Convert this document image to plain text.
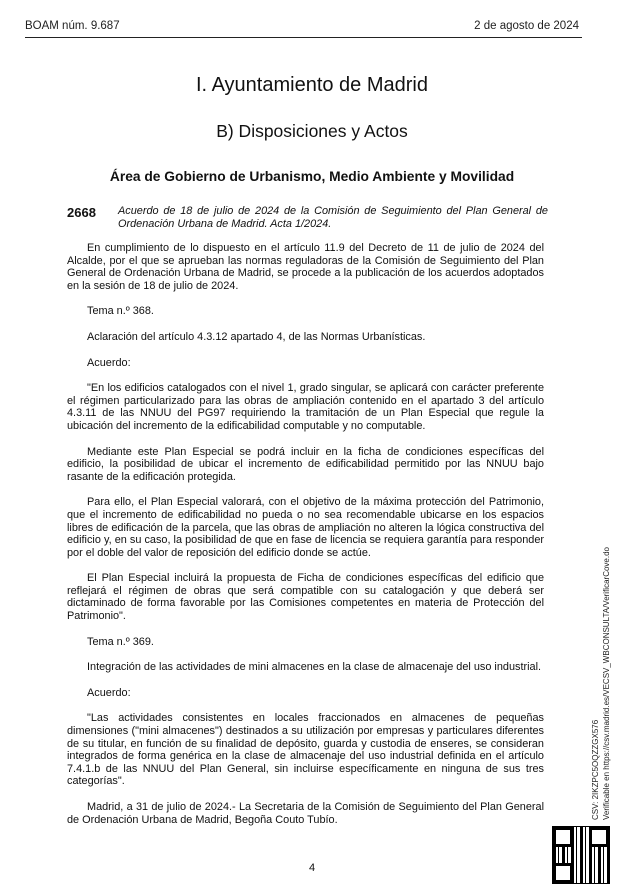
BOAM núm. 9.687	2 de agosto de 2024
I. Ayuntamiento de Madrid
B) Disposiciones y Actos
Área de Gobierno de Urbanismo, Medio Ambiente y Movilidad
2668 Acuerdo de 18 de julio de 2024 de la Comisión de Seguimiento del Plan General de Ordenación Urbana de Madrid. Acta 1/2024.

En cumplimiento de lo dispuesto en el artículo 11.9 del Decreto de 11 de julio de 2024 del Alcalde, por el que se aprueban las normas reguladoras de la Comisión de Seguimiento del Plan General de Ordenación Urbana de Madrid, se procede a la publicación de los acuerdos adoptados en la sesión de 18 de julio de 2024.

Tema n.º 368.

Aclaración del artículo 4.3.12 apartado 4, de las Normas Urbanísticas.

Acuerdo:

"En los edificios catalogados con el nivel 1, grado singular, se aplicará con carácter preferente el régimen particularizado para las obras de ampliación contenido en el apartado 3 del artículo 4.3.11 de las NNUU del PG97 requiriendo la tramitación de un Plan Especial que regule la ubicación del incremento de la edificabilidad computable y no computable.

Mediante este Plan Especial se podrá incluir en la ficha de condiciones específicas del edificio, la posibilidad de ubicar el incremento de edificabilidad permitido por las NNUU bajo rasante de la edificación protegida.

Para ello, el Plan Especial valorará, con el objetivo de la máxima protección del Patrimonio, que el incremento de edificabilidad no pueda o no sea recomendable ubicarse en los espacios libres de edificación de la parcela, que las obras de ampliación no alteren la lógica constructiva del edificio y, en su caso, la posibilidad de que en fase de licencia se requiera garantía para responder por el doble del valor de reposición del edificio donde se actúe.

El Plan Especial incluirá la propuesta de Ficha de condiciones específicas del edificio que reflejará el régimen de obras que será compatible con su catalogación y que deberá ser dictaminado de forma favorable por las Comisiones competentes en materia de Protección del Patrimonio".

Tema n.º 369.

Integración de las actividades de mini almacenes en la clase de almacenaje del uso industrial.

Acuerdo:

"Las actividades consistentes en locales fraccionados en almacenes de pequeñas dimensiones ("mini almacenes") destinados a su utilización por empresas y particulares diferentes de su titular, en función de su finalidad de depósito, guarda y custodia de enseres, se consideran integrados de forma genérica en la clase de almacenaje del uso industrial definida en el artículo 7.4.1.b de las NNUU del Plan General, sin incluirse específicamente en ninguna de sus tres categorías".

Madrid, a 31 de julio de 2024.- La Secretaria de la Comisión de Seguimiento del Plan General de Ordenación Urbana de Madrid, Begoña Couto Tubío.	CSV: 2IKZPC5OQZZGX576 Verificable en https://csv.madrid.es/VECSV_WBCONSULTA/VerificarCove.do
4
